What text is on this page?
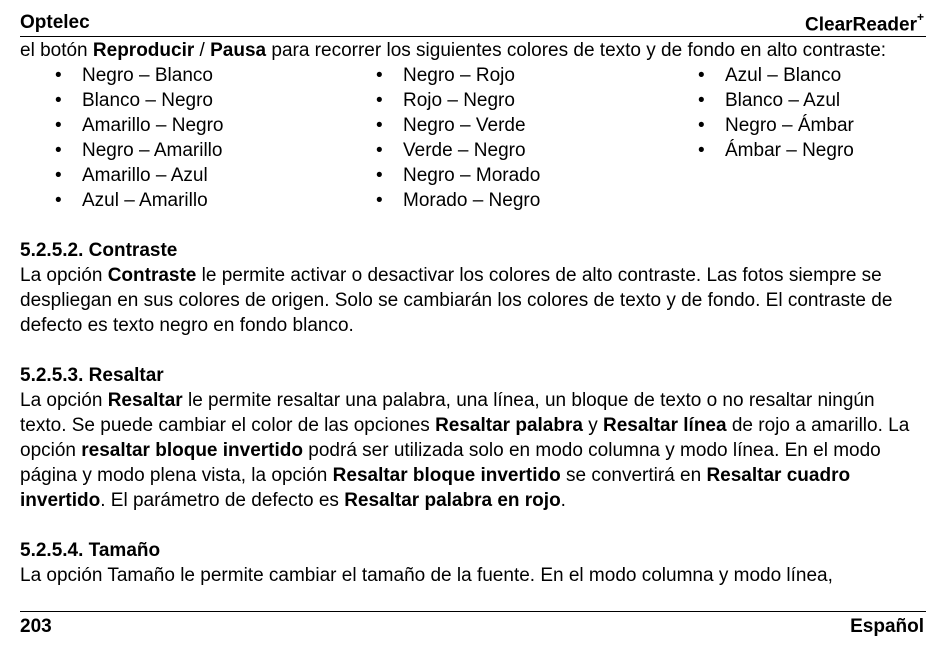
Optelec	ClearReader+

el botón Reproducir / Pausa para recorrer los siguientes colores de texto y de fondo en alto contraste:

• Negro – Blanco
• Blanco – Negro
• Amarillo – Negro
• Negro – Amarillo
• Amarillo – Azul
• Azul – Amarillo
• Negro – Rojo
• Rojo – Negro
• Negro – Verde
• Verde – Negro
• Negro – Morado
• Morado – Negro
• Azul – Blanco
• Blanco – Azul
• Negro – Ámbar
• Ámbar – Negro
5.2.5.2. Contraste

La opción Contraste le permite activar o desactivar los colores de alto contraste. Las fotos siempre se despliegan en sus colores de origen. Solo se cambiarán los colores de texto y de fondo. El contraste de defecto es texto negro en fondo blanco.

5.2.5.3. Resaltar

La opción Resaltar le permite resaltar una palabra, una línea, un bloque de texto o no resaltar ningún texto. Se puede cambiar el color de las opciones Resaltar palabra y Resaltar línea de rojo a amarillo. La opción resaltar bloque invertido podrá ser utilizada solo en modo columna y modo línea. En el modo página y modo plena vista, la opción Resaltar bloque invertido se convertirá en Resaltar cuadro invertido. El parámetro de defecto es Resaltar palabra en rojo.

5.2.5.4. Tamaño

La opción Tamaño le permite cambiar el tamaño de la fuente. En el modo columna y modo línea,

203	Español
